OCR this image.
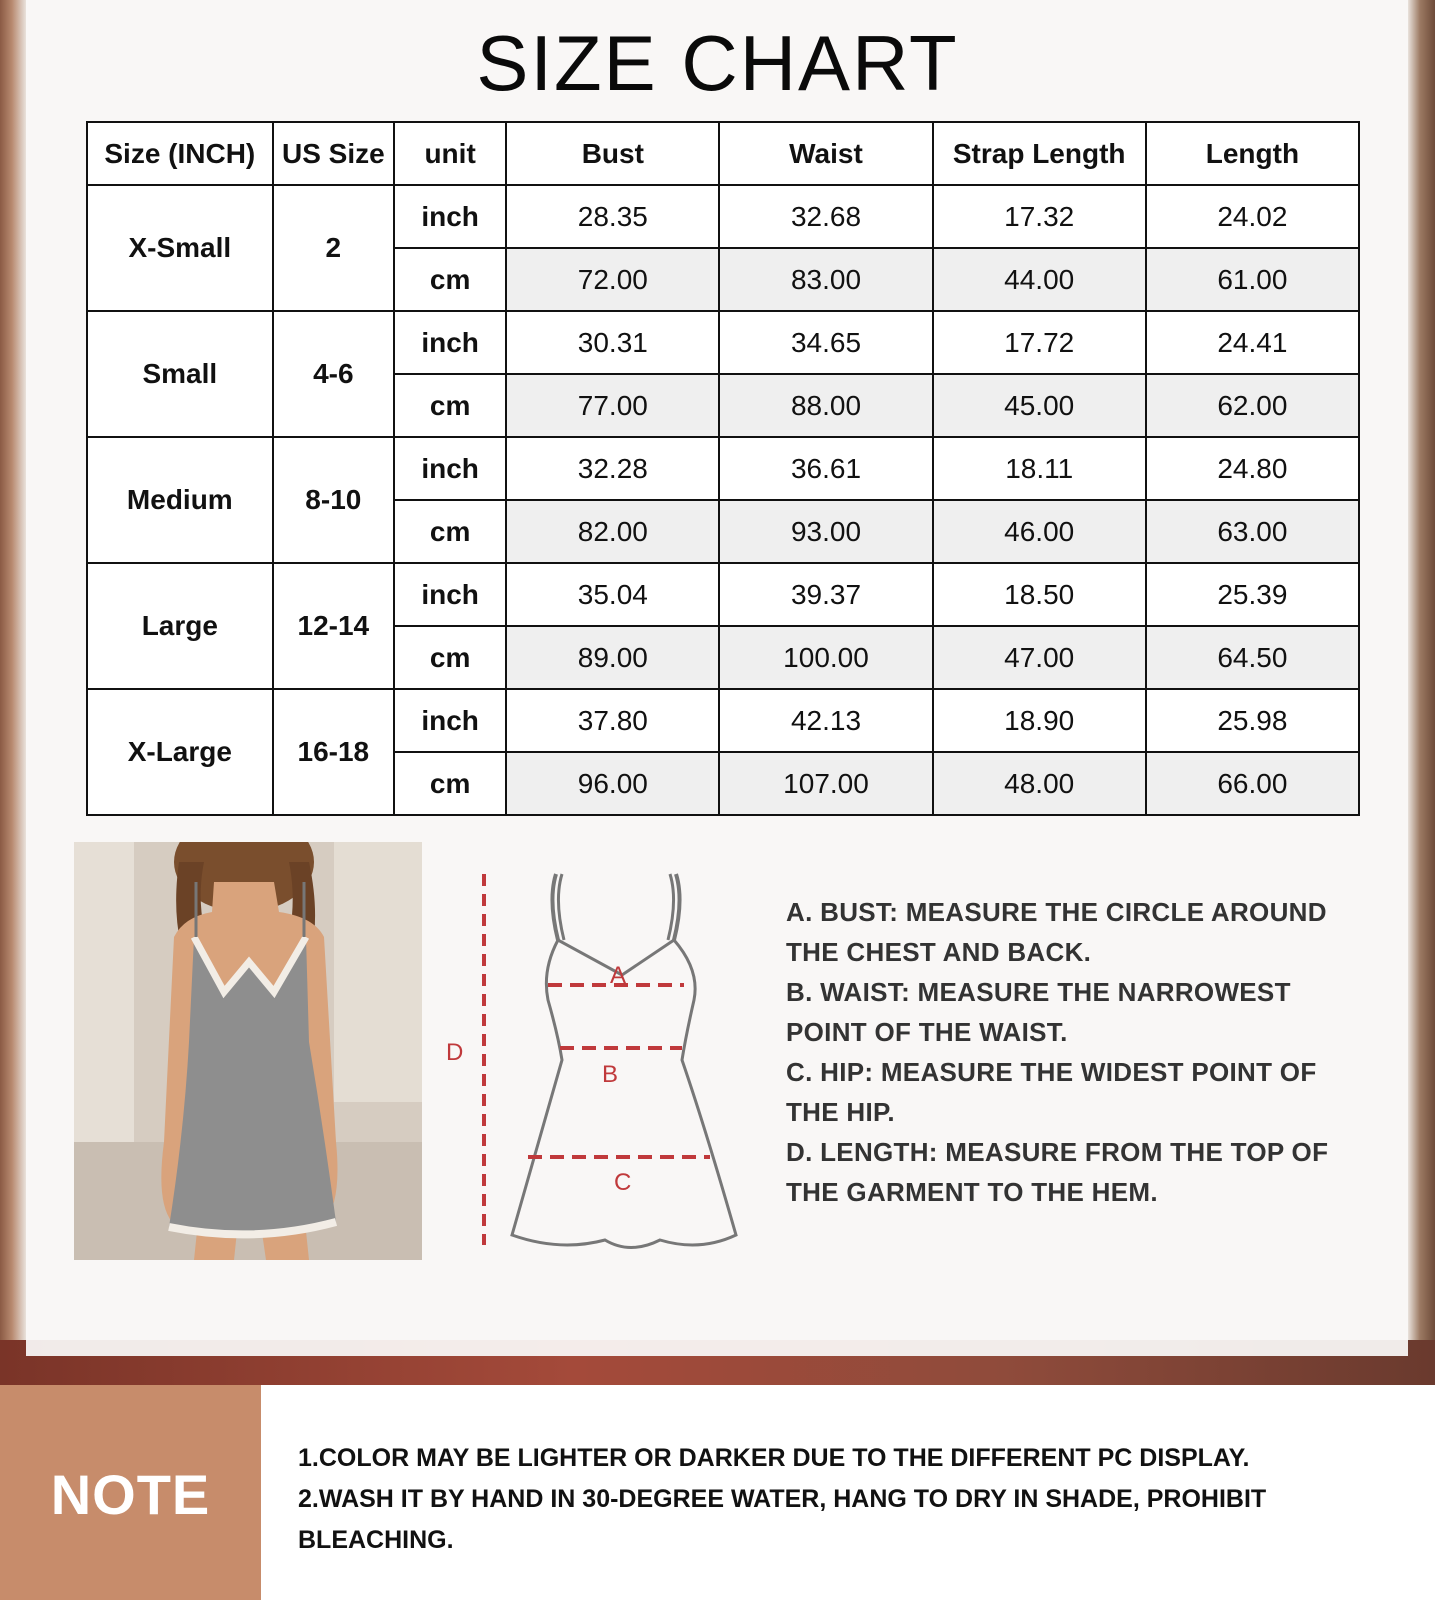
SIZE CHART
Size (INCH)	US Size	unit	Bust	Waist	Strap Length	Length
X-Small	2	inch	28.35	32.68	17.32	24.02
		cm	72.00	83.00	44.00	61.00
Small	4-6	inch	30.31	34.65	17.72	24.41
		cm	77.00	88.00	45.00	62.00
Medium	8-10	inch	32.28	36.61	18.11	24.80
		cm	82.00	93.00	46.00	63.00
Large	12-14	inch	35.04	39.37	18.50	25.39
		cm	89.00	100.00	47.00	64.50
X-Large	16-18	inch	37.80	42.13	18.90	25.98
		cm	96.00	107.00	48.00	66.00
A
B
C
D

A. BUST: MEASURE THE CIRCLE AROUND THE CHEST AND BACK.

B. WAIST: MEASURE THE NARROWEST POINT OF THE WAIST.

C. HIP: MEASURE THE WIDEST POINT OF THE HIP.

D. LENGTH: MEASURE FROM THE TOP OF THE GARMENT TO THE HEM.

NOTE

1.COLOR MAY BE LIGHTER OR DARKER DUE TO THE DIFFERENT PC DISPLAY.

2.WASH IT BY HAND IN 30-DEGREE WATER, HANG TO DRY IN SHADE, PROHIBIT BLEACHING.
